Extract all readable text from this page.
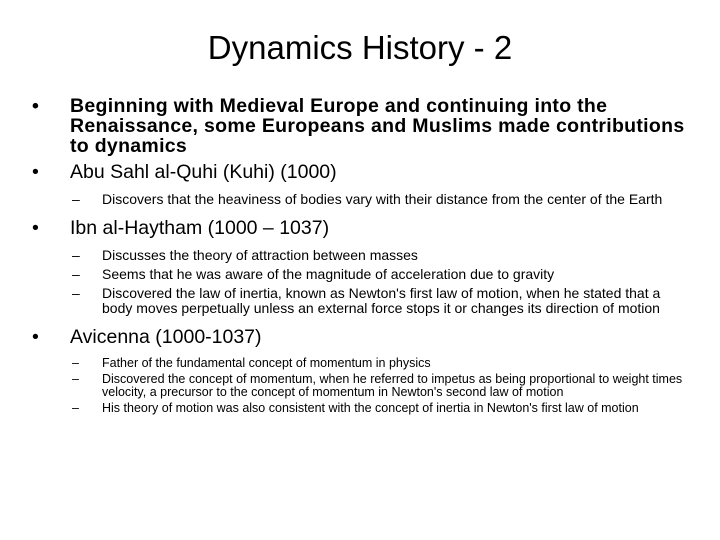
Dynamics History - 2
• Beginning with Medieval Europe and continuing into the Renaissance, some Europeans and Muslims made contributions to dynamics
• Abu Sahl al-Quhi (Kuhi) (1000)
– Discovers that the heaviness of bodies vary with their distance from the center of the Earth
• Ibn al-Haytham (1000 – 1037)
– Discusses the theory of attraction between masses
– Seems that he was aware of the magnitude of acceleration due to gravity
– Discovered the law of inertia, known as Newton's first law of motion, when he stated that a body moves perpetually unless an external force stops it or changes its direction of motion
• Avicenna (1000-1037)
– Father of the fundamental concept of momentum in physics
– Discovered the concept of momentum, when he referred to impetus as being proportional to weight times velocity, a precursor to the concept of momentum in Newton's second law of motion
– His theory of motion was also consistent with the concept of inertia in Newton's first law of motion
